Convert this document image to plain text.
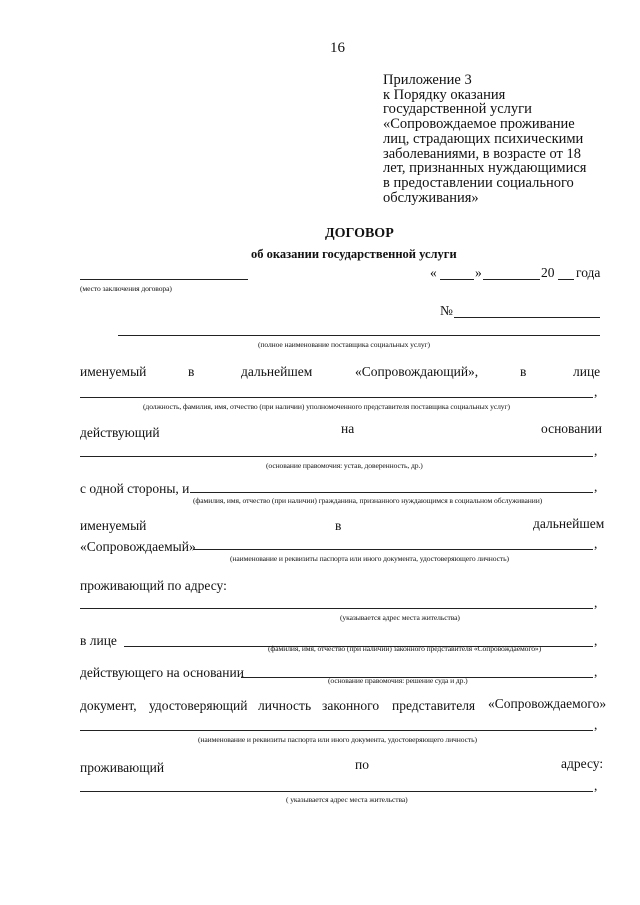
16
Приложение 3
к Порядку оказания
государственной услуги
«Сопровождаемое проживание
лиц, страдающих психическими
заболеваниями, в возрасте от 18
лет, признанных нуждающимися
в предоставлении социального
обслуживания»
ДОГОВОР
об оказании государственной услуги
(место заключения договора)
«	»	20 года
№
(полное наименование поставщика социальных услуг)
именуемый	в	дальнейшем	«Сопровождающий»,	в	лице
,
(должность, фамилия, имя, отчество (при наличии) уполномоченного представителя поставщика социальных услуг)
действующий	на	основании
,
(основание правомочия: устав, доверенность, др.)
с одной стороны, и	,
(фамилия, имя, отчество (при наличии) гражданина, признанного нуждающимся в социальном обслуживании)
именуемый	в	дальнейшем
«Сопровождаемый»	,
(наименование и реквизиты паспорта или иного документа, удостоверяющего личность)
проживающий по адресу:
,
(указывается адрес места жительства)
в лице	,
(фамилия, имя, отчество (при наличии) законного представителя «Сопровождаемого»)
действующего на основании	,
(основание правомочия: решение суда и др.)
документ, удостоверяющий личность законного представителя «Сопровождаемого»
,
(наименование и реквизиты паспорта или иного документа, удостоверяющего личность)
проживающий	по	адресу:
,
( указывается адрес места жительства)
